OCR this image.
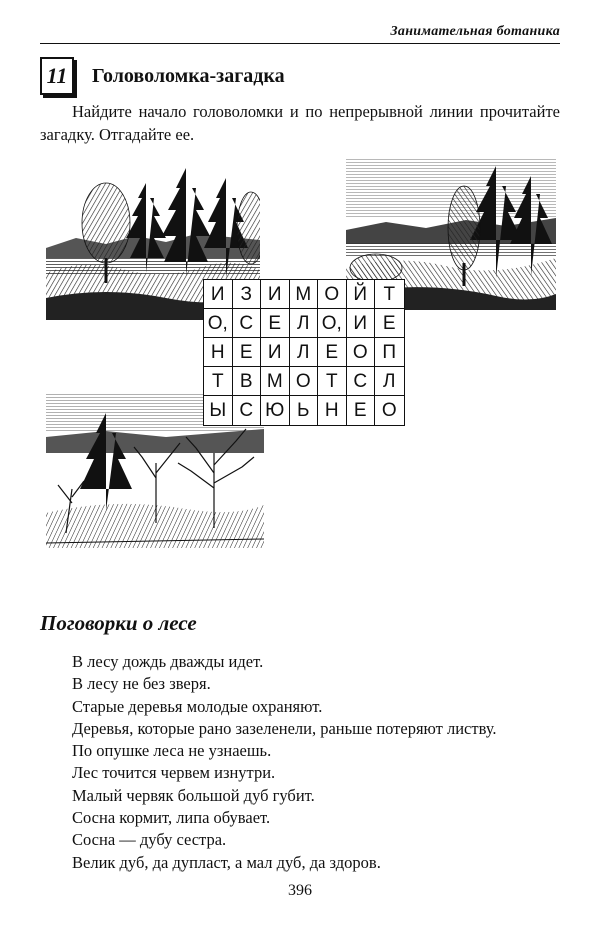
Занимательная ботаника
11	Головоломка-загадка
Найдите начало головоломки и по непрерывной линии прочитайте загадку. Отгадайте ее.
И З И М О Й Т
О, С Е Л О, И Е
Н Е И Л Е О П
Т В М О Т С Л
Ы С Ю Ь Н Е О
Поговорки о лесе
В лесу дождь дважды идет.
В лесу не без зверя.
Старые деревья молодые охраняют.
Деревья, которые рано зазеленели, раньше потеряют листву.
По опушке леса не узнаешь.
Лес точится червем изнутри.
Малый червяк большой дуб губит.
Сосна кормит, липа обувает.
Сосна — дубу сестра.
Велик дуб, да дупласт, а мал дуб, да здоров.
396
